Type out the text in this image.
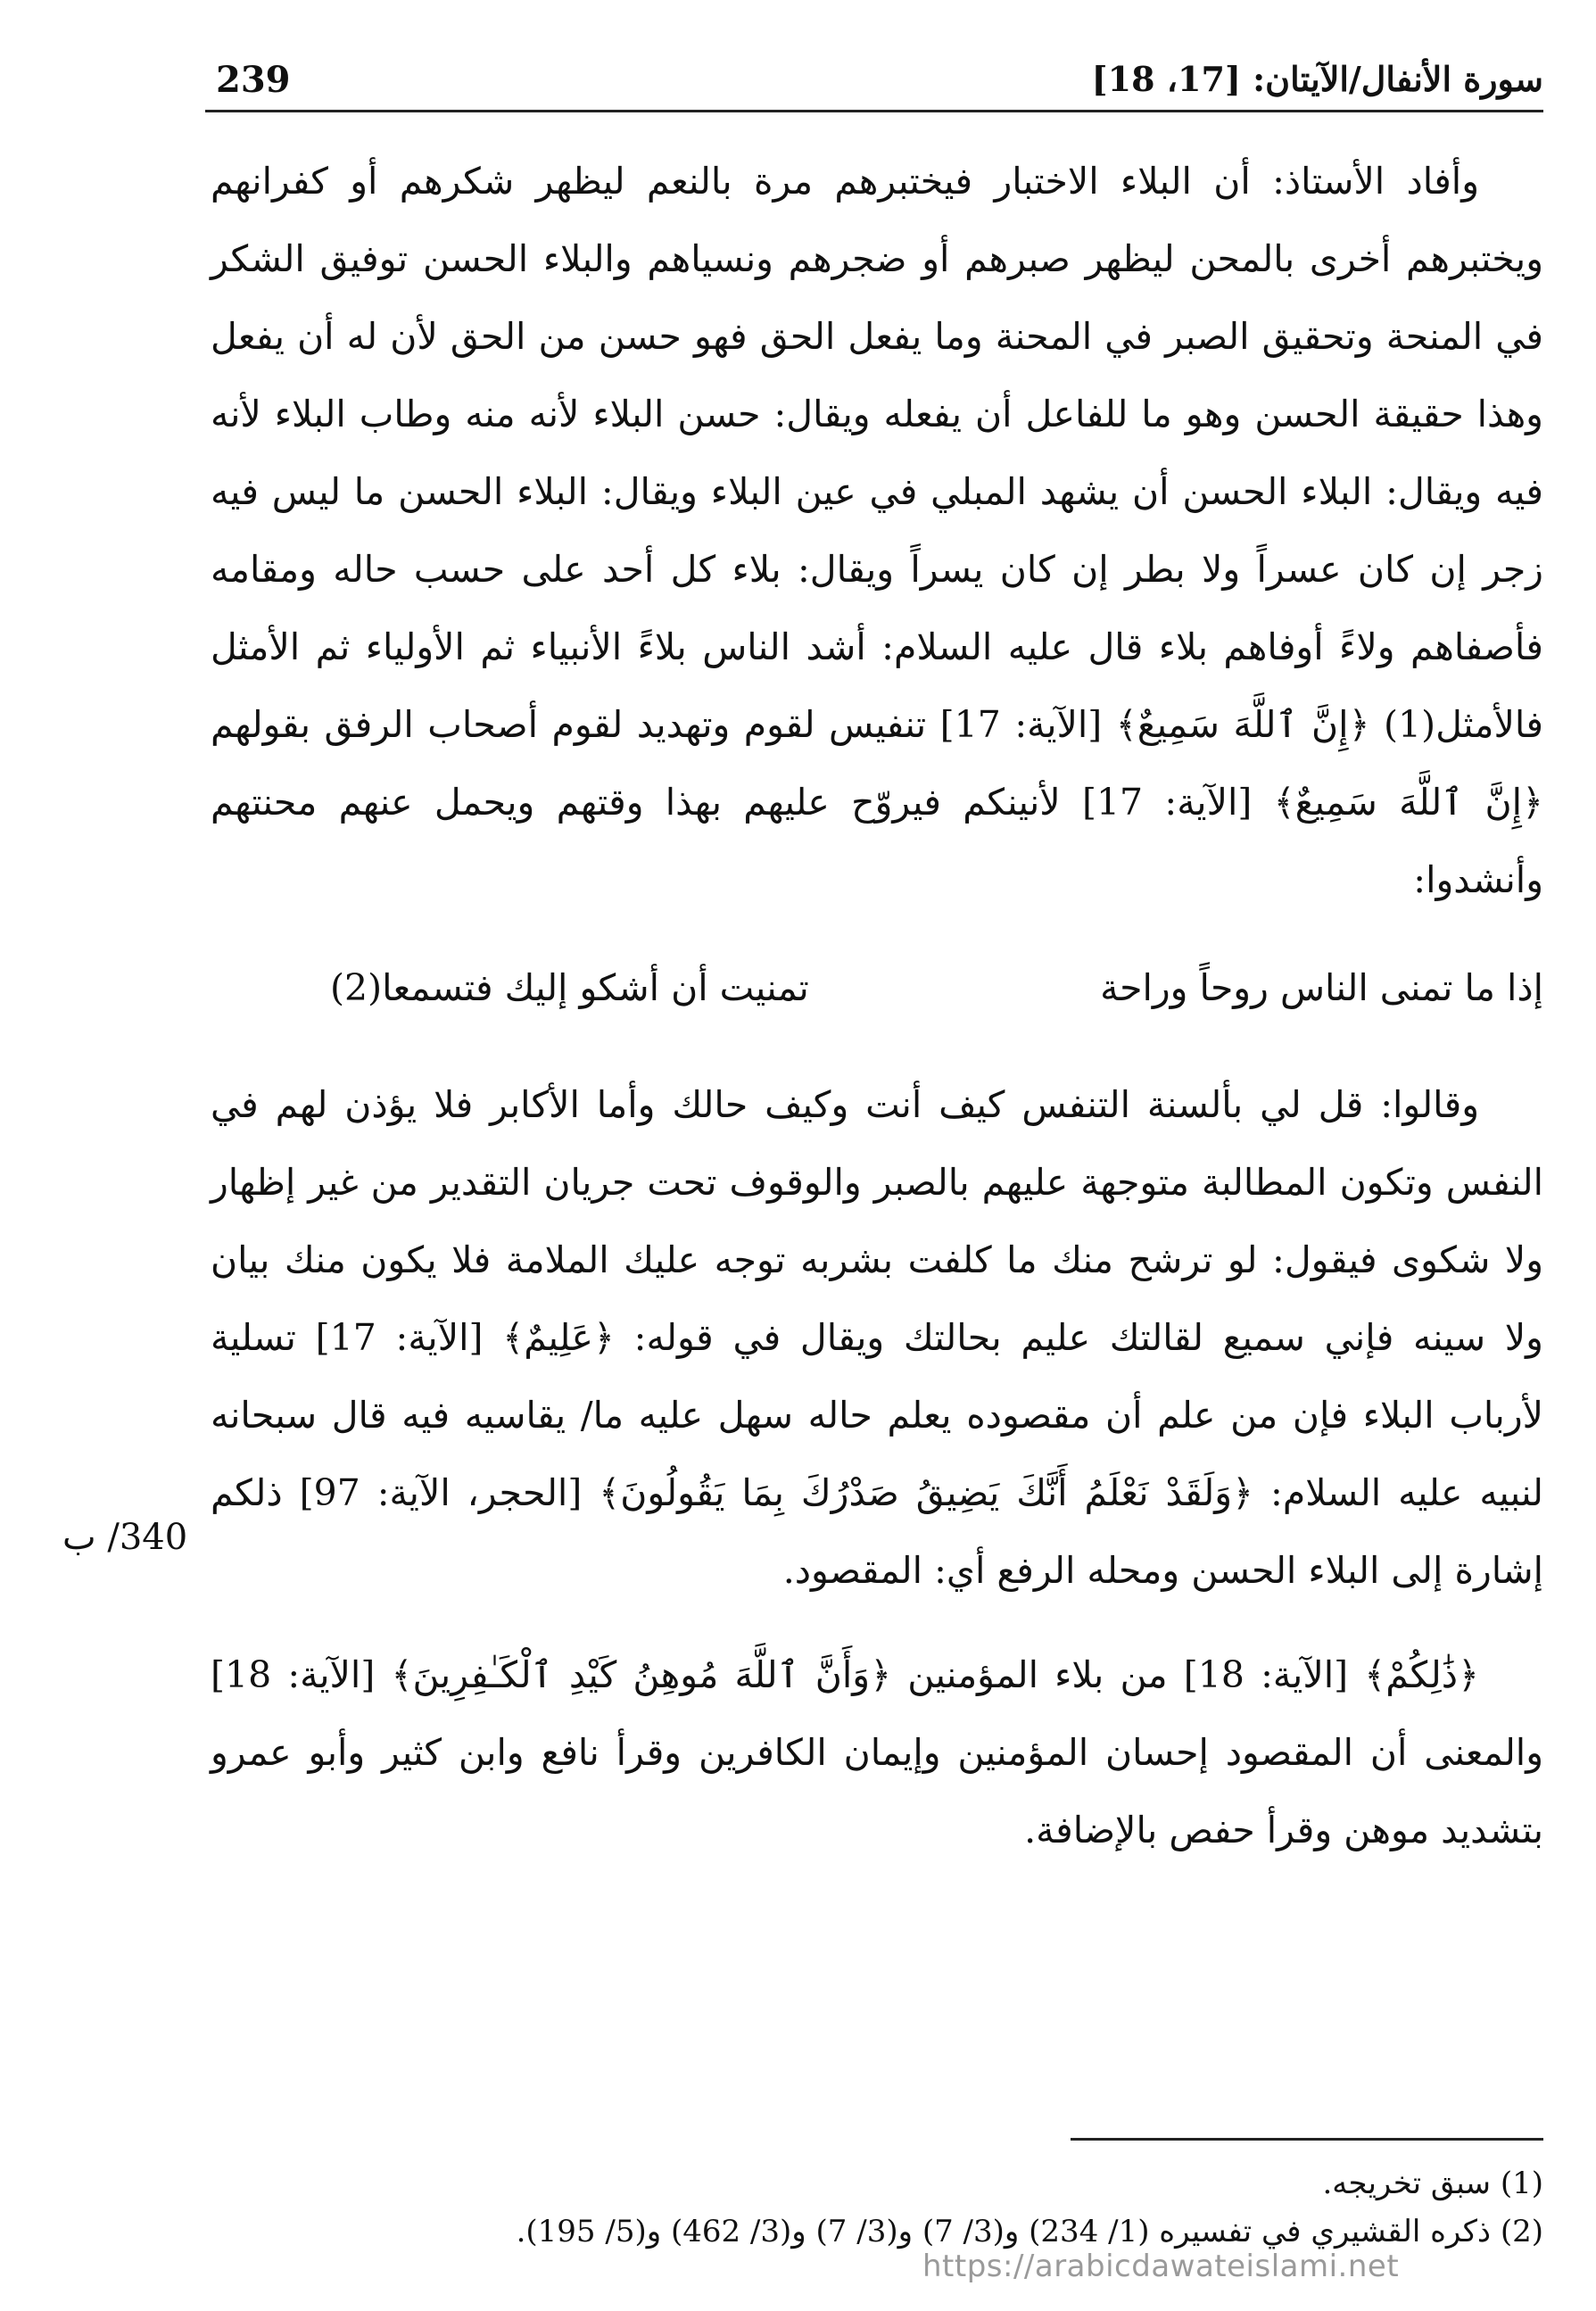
سورة الأنفال/الآيتان: [17، 18]
239

وأفاد الأستاذ: أن البلاء الاختبار فيختبرهم مرة بالنعم ليظهر شكرهم أو كفرانهم ويختبرهم أخرى بالمحن ليظهر صبرهم أو ضجرهم ونسياهم والبلاء الحسن توفيق الشكر في المنحة وتحقيق الصبر في المحنة وما يفعل الحق فهو حسن من الحق لأن له أن يفعل وهذا حقيقة الحسن وهو ما للفاعل أن يفعله ويقال: حسن البلاء لأنه منه وطاب البلاء لأنه فيه ويقال: البلاء الحسن أن يشهد المبلي في عين البلاء ويقال: البلاء الحسن ما ليس فيه زجر إن كان عسراً ولا بطر إن كان يسراً ويقال: بلاء كل أحد على حسب حاله ومقامه فأصفاهم ولاءً أوفاهم بلاء قال عليه السلام: أشد الناس بلاءً الأنبياء ثم الأولياء ثم الأمثل فالأمثل(1) ﴿إِنَّ ٱللَّهَ سَمِيعٌ﴾ [الآية: 17] تنفيس لقوم وتهديد لقوم أصحاب الرفق بقولهم ﴿إِنَّ ٱللَّهَ سَمِيعٌ﴾ [الآية: 17] لأنينكم فيروّح عليهم بهذا وقتهم ويحمل عنهم محنتهم وأنشدوا:

إذا ما تمنى الناس روحاً وراحة
تمنيت أن أشكو إليك فتسمعا(2)

وقالوا: قل لي بألسنة التنفس كيف أنت وكيف حالك وأما الأكابر فلا يؤذن لهم في النفس وتكون المطالبة متوجهة عليهم بالصبر والوقوف تحت جريان التقدير من غير إظهار ولا شكوى فيقول: لو ترشح منك ما كلفت بشربه توجه عليك الملامة فلا يكون منك بيان ولا سينه فإني سميع لقالتك عليم بحالتك ويقال في قوله: ﴿عَلِيمٌ﴾ [الآية: 17] تسلية لأرباب البلاء فإن من علم أن مقصوده يعلم حاله سهل عليه ما/ يقاسيه فيه قال سبحانه لنبيه عليه السلام: ﴿وَلَقَدْ نَعْلَمُ أَنَّكَ يَضِيقُ صَدْرُكَ بِمَا يَقُولُونَ﴾ [الحجر، الآية: 97] ذلكم إشارة إلى البلاء الحسن ومحله الرفع أي: المقصود.

﴿ذَٰلِكُمْ﴾ [الآية: 18] من بلاء المؤمنين ﴿وَأَنَّ ٱللَّهَ مُوهِنُ كَيْدِ ٱلْكَـٰفِرِينَ﴾ [الآية: 18] والمعنى أن المقصود إحسان المؤمنين وإيمان الكافرين وقرأ نافع وابن كثير وأبو عمرو بتشديد موهن وقرأ حفص بالإضافة.

340/ ب
(1) سبق تخريجه.
(2) ذكره القشيري في تفسيره (1/ 234) و(3/ 7) و(3/ 7) و(3/ 462) و(5/ 195).
https://arabicdawateislami.net
